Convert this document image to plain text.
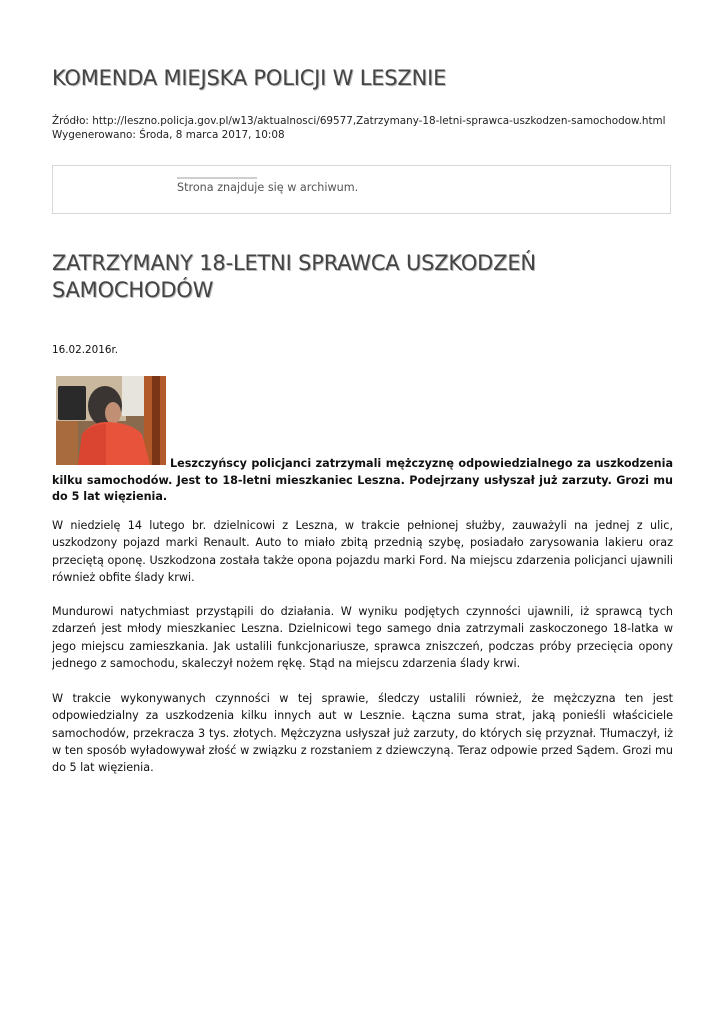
KOMENDA MIEJSKA POLICJI W LESZNIE
Źródło: http://leszno.policja.gov.pl/w13/aktualnosci/69577,Zatrzymany-18-letni-sprawca-uszkodzen-samochodow.html
Wygenerowano: Środa, 8 marca 2017, 10:08
Strona znajduje się w archiwum.
ZATRZYMANY 18-LETNI SPRAWCA USZKODZEŃ SAMOCHODÓW
16.02.2016r.
Leszczyńscy policjanci zatrzymali mężczyznę odpowiedzialnego za uszkodzenia kilku samochodów. Jest to 18-letni mieszkaniec Leszna. Podejrzany usłyszał już zarzuty. Grozi mu do 5 lat więzienia.
W niedzielę 14 lutego br. dzielnicowi z Leszna, w trakcie pełnionej służby, zauważyli na jednej z ulic, uszkodzony pojazd marki Renault. Auto to miało zbitą przednią szybę, posiadało zarysowania lakieru oraz przeciętą oponę. Uszkodzona została także opona pojazdu marki Ford. Na miejscu zdarzenia policjanci ujawnili również obfite ślady krwi.
Mundurowi natychmiast przystąpili do działania. W wyniku podjętych czynności ujawnili, iż sprawcą tych zdarzeń jest młody mieszkaniec Leszna. Dzielnicowi tego samego dnia zatrzymali zaskoczonego 18-latka w jego miejscu zamieszkania. Jak ustalili funkcjonariusze, sprawca zniszczeń, podczas próby przecięcia opony jednego z samochodu, skaleczył nożem rękę. Stąd na miejscu zdarzenia ślady krwi.
W trakcie wykonywanych czynności w tej sprawie, śledczy ustalili również, że mężczyzna ten jest odpowiedzialny za uszkodzenia kilku innych aut w Lesznie. Łączna suma strat, jaką ponieśli właściciele samochodów, przekracza 3 tys. złotych. Mężczyzna usłyszał już zarzuty, do których się przyznał. Tłumaczył, iż w ten sposób wyładowywał złość w związku z rozstaniem z dziewczyną. Teraz odpowie przed Sądem. Grozi mu do 5 lat więzienia.
